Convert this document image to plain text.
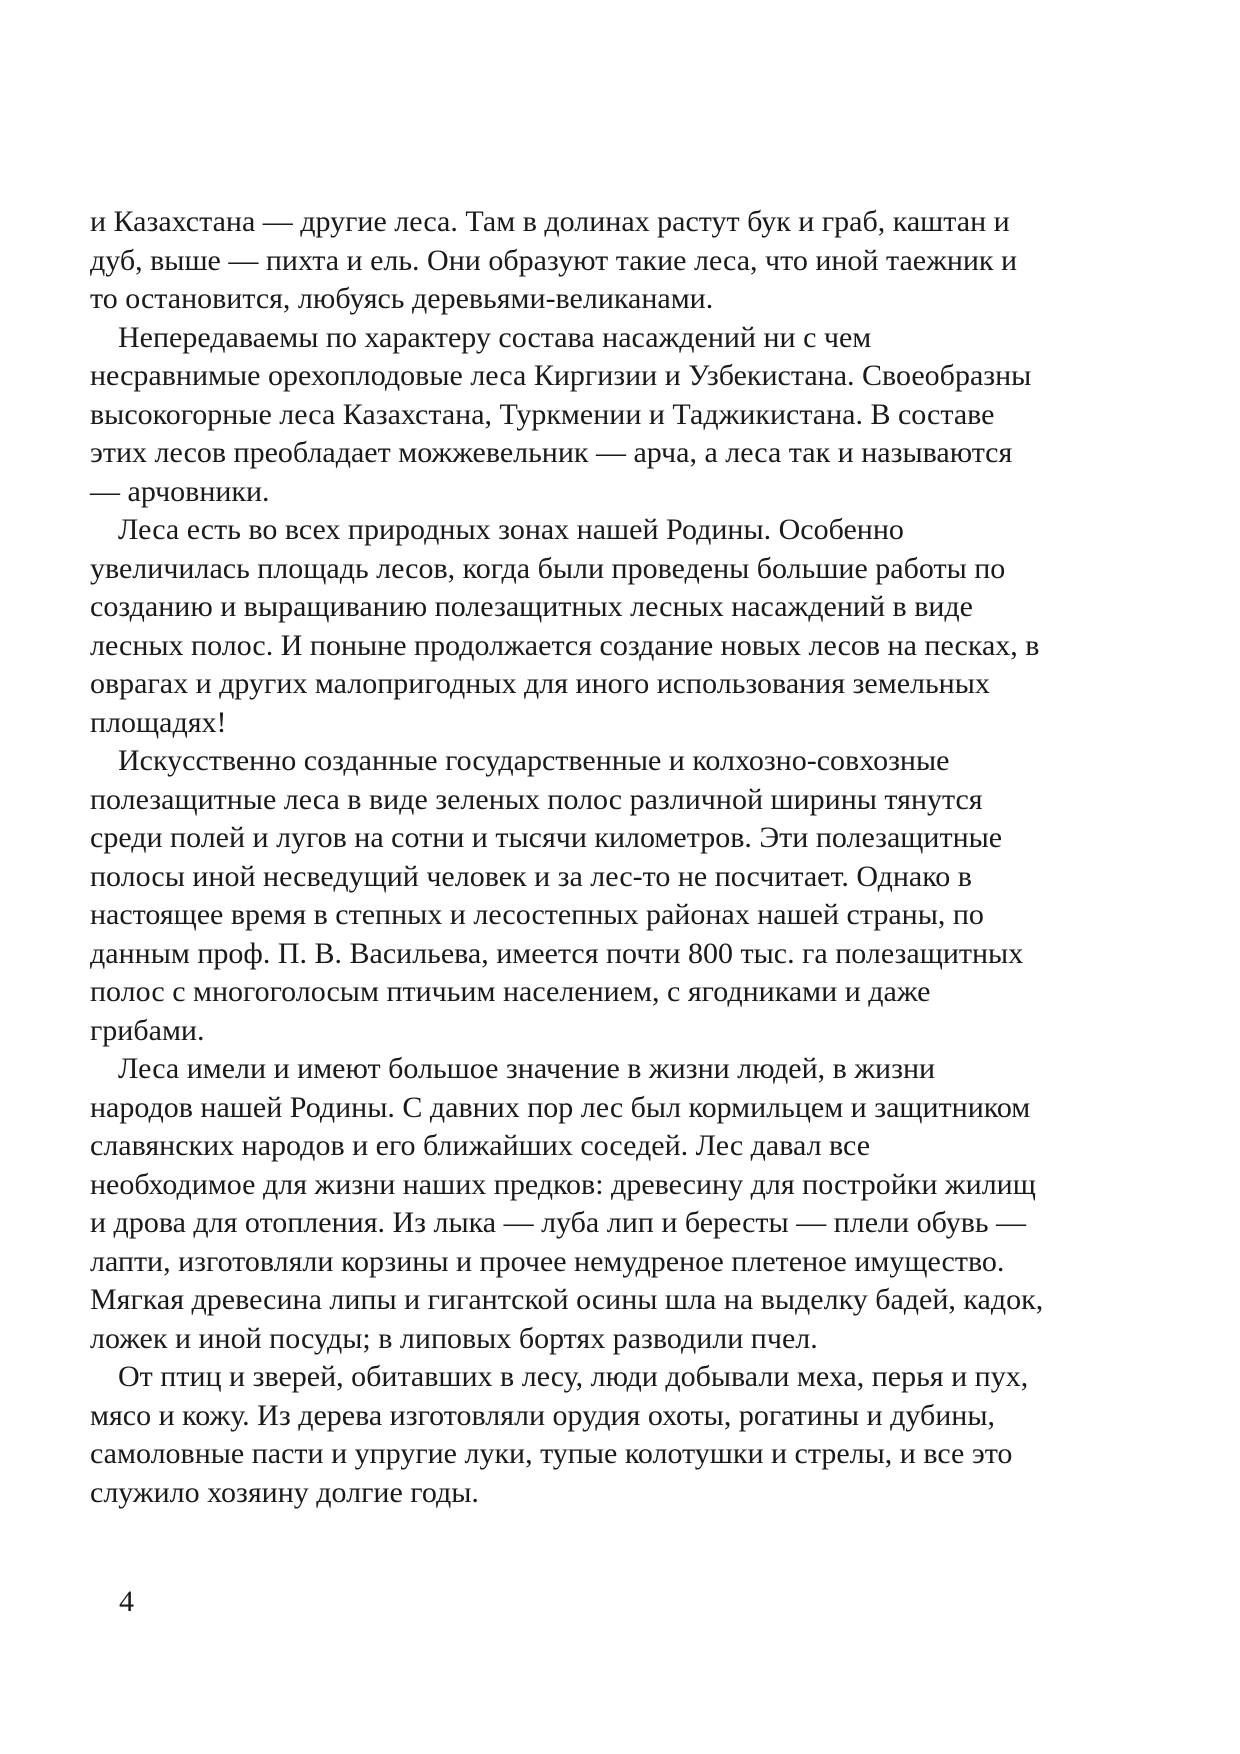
и Казахстана — другие леса. Там в долинах растут бук и граб, каштан и
дуб, выше — пихта и ель. Они образуют такие леса, что иной таежник и
то остановится, любуясь деревьями-великанами.
Непередаваемы по характеру состава насаждений ни с чем
несравнимые орехоплодовые леса Киргизии и Узбекистана. Своеобразны
высокогорные леса Казахстана, Туркмении и Таджикистана. В составе
этих лесов преобладает можжевельник — арча, а леса так и называются
— арчовники.
Леса есть во всех природных зонах нашей Родины. Особенно
увеличилась площадь лесов, когда были проведены большие работы по
созданию и выращиванию полезащитных лесных насаждений в виде
лесных полос. И поныне продолжается создание новых лесов на песках, в
оврагах и других малопригодных для иного использования земельных
площадях!
Искусственно созданные государственные и колхозно-совхозные
полезащитные леса в виде зеленых полос различной ширины тянутся
среди полей и лугов на сотни и тысячи километров. Эти полезащитные
полосы иной несведущий человек и за лес-то не посчитает. Однако в
настоящее время в степных и лесостепных районах нашей страны, по
данным проф. П. В. Васильева, имеется почти 800 тыс. га полезащитных
полос с многоголосым птичьим населением, с ягодниками и даже
грибами.
Леса имели и имеют большое значение в жизни людей, в жизни
народов нашей Родины. С давних пор лес был кормильцем и защитником
славянских народов и его ближайших соседей. Лес давал все
необходимое для жизни наших предков: древесину для постройки жилищ
и дрова для отопления. Из лыка — луба лип и бересты — плели обувь —
лапти, изготовляли корзины и прочее немудреное плетеное имущество.
Мягкая древесина липы и гигантской осины шла на выделку бадей, кадок,
ложек и иной посуды; в липовых бортях разводили пчел.
От птиц и зверей, обитавших в лесу, люди добывали меха, перья и пух,
мясо и кожу. Из дерева изготовляли орудия охоты, рогатины и дубины,
самоловные пасти и упругие луки, тупые колотушки и стрелы, и все это
служило хозяину долгие годы.
4
